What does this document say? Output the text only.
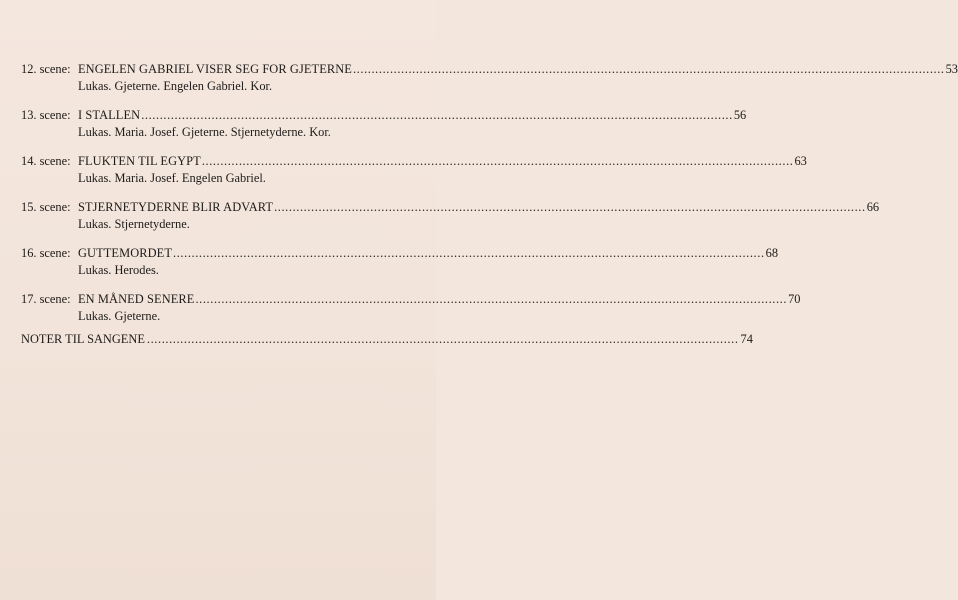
12. scene: ENGELEN GABRIEL VISER SEG FOR GJETERNE ................................................................................................................................................................ 53
Lukas. Gjeterne. Engelen Gabriel. Kor.
13. scene: I STALLEN ................................................................................................................................................................ 56
Lukas. Maria. Josef. Gjeterne. Stjernetyderne. Kor.
14. scene: FLUKTEN TIL EGYPT ................................................................................................................................................................ 63
Lukas. Maria. Josef. Engelen Gabriel.
15. scene: STJERNETYDERNE BLIR ADVART ................................................................................................................................................................ 66
Lukas. Stjernetyderne.
16. scene: GUTTEMORDET ................................................................................................................................................................ 68
Lukas. Herodes.
17. scene: EN MÅNED SENERE ................................................................................................................................................................ 70
Lukas. Gjeterne.
NOTER TIL SANGENE ................................................................................................................................................................ 74
